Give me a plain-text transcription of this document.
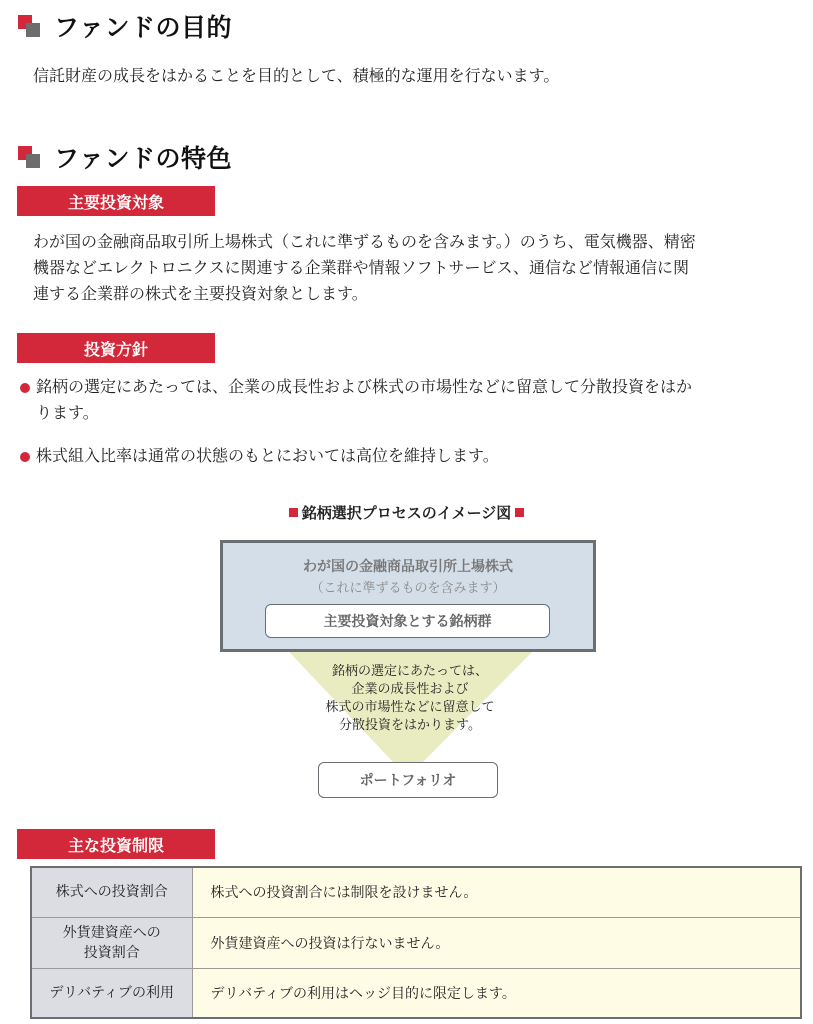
ファンドの目的
信託財産の成長をはかることを目的として、積極的な運用を行ないます。
ファンドの特色
主要投資対象
わが国の金融商品取引所上場株式（これに準ずるものを含みます。）のうち、電気機器、精密
機器などエレクトロニクスに関連する企業群や情報ソフトサービス、通信など情報通信に関
連する企業群の株式を主要投資対象とします。
投資方針
銘柄の選定にあたっては、企業の成長性および株式の市場性などに留意して分散投資をはか
ります。
株式組入比率は通常の状態のもとにおいては高位を維持します。
銘柄選択プロセスのイメージ図
わが国の金融商品取引所上場株式
（これに準ずるものを含みます）
主要投資対象とする銘柄群
銘柄の選定にあたっては、
企業の成長性および
株式の市場性などに留意して
分散投資をはかります。
ポートフォリオ
主な投資制限
株式への投資割合	株式への投資割合には制限を設けません。

外貨建資産への
投資割合	外貨建資産への投資は行ないません。
デリバティブの利用	デリバティブの利用はヘッジ目的に限定します。
